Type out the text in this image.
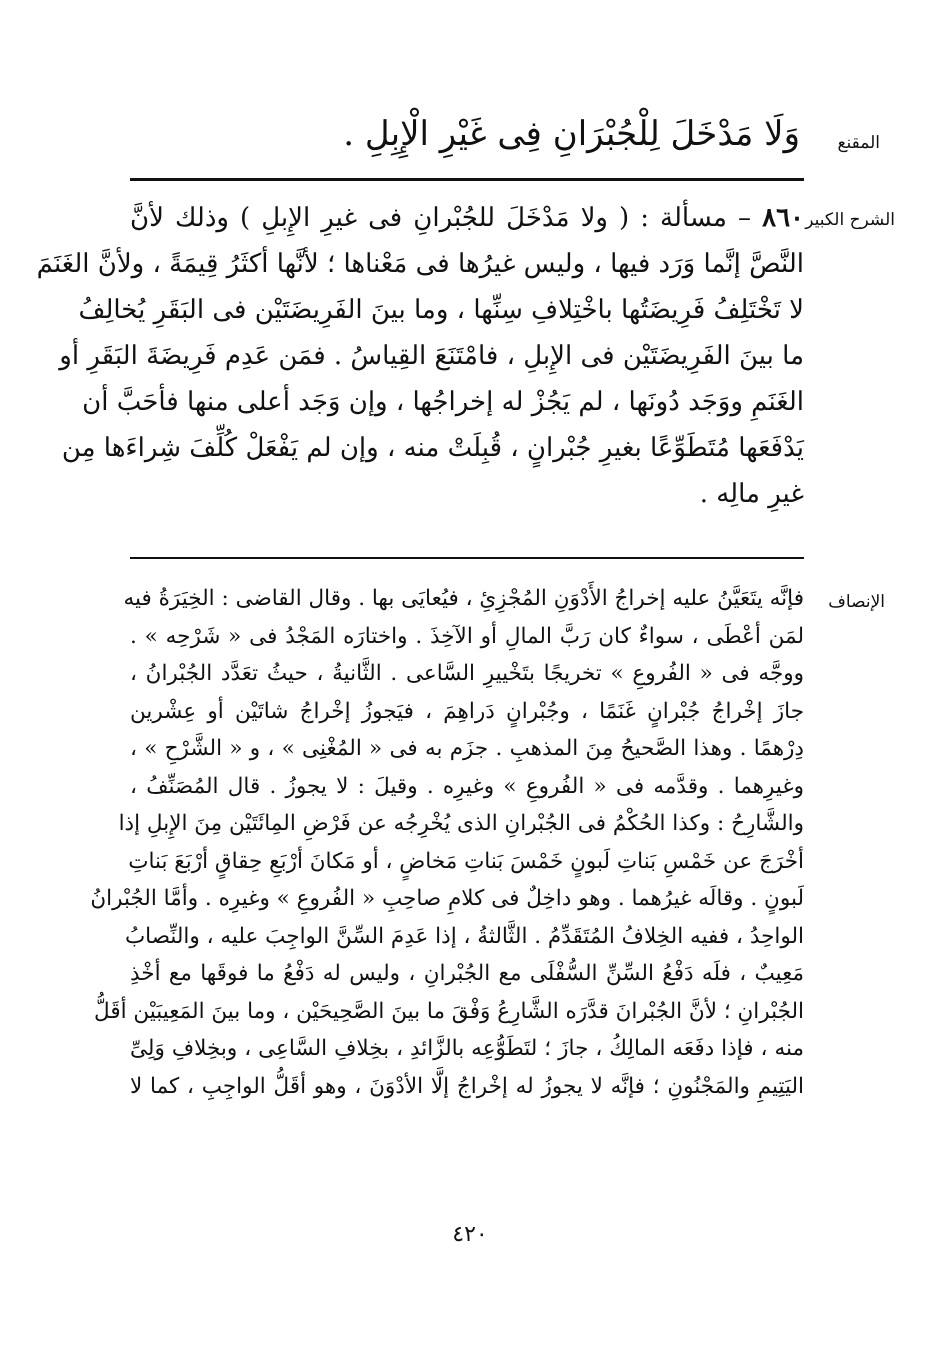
المقنع
الشرح الكبير
الإنصاف
وَلَا مَدْخَلَ لِلْجُبْرَانِ فِى غَيْرِ الْإِبِلِ .
٨٦٠ – مسألة : ( ولا مَدْخَلَ للجُبْرانِ فى غيرِ الإِبلِ ) وذلك لأنَّ
النَّصَّ إنَّما وَرَد فيها ، وليس غيرُها فى مَعْناها ؛ لأنَّها أكثَرُ قِيمَةً ، ولأنَّ الغَنَمَ
لا تَخْتَلِفُ فَرِيضَتُها باخْتِلافِ سِنِّها ، وما بينَ الفَرِيضَتَيْن فى البَقَرِ يُخالِفُ
ما بينَ الفَرِيضَتَيْن فى الإِبلِ ، فامْتَنَعَ القِياسُ . فمَن عَدِم فَرِيضَةَ البَقَرِ أو
الغَنَمِ ووَجَد دُونَها ، لم يَجُزْ له إخراجُها ، وإن وَجَد أعلى منها فأحَبَّ أن
يَدْفَعَها مُتَطَوِّعًا بغيرِ جُبْرانٍ ، قُبِلَتْ منه ، وإن لم يَفْعَلْ كُلِّفَ شِراءَها مِن
غيرِ مالِه .
فإنَّه يتَعَيَّنُ عليه إخراجُ الأَدْوَنِ المُجْزِئِ ، فيُعايَى بها . وقال القاضى : الخِيَرَةُ فيه
لمَن أعْطَى ، سواءٌ كان رَبَّ المالِ أو الآخِذَ . واختارَه المَجْدُ فى « شَرْحِه » .
ووجَّه فى « الفُروعِ » تخريجًا بتَخْييرِ السَّاعى . الثَّانيةُ ، حيثُ تعَدَّد الجُبْرانُ ،
جازَ إخْراجُ جُبْرانٍ غَنَمًا ، وجُبْرانٍ دَراهِمَ ، فيَجوزُ إخْراجُ شاتَيْن أو عِشْرين
دِرْهمًا . وهذا الصَّحيحُ مِنَ المذهبِ . جزَم به فى « المُغْنِى » ، و « الشَّرْحِ » ،
وغيرِهما . وقدَّمه فى « الفُروعِ » وغيرِه . وقيلَ : لا يجوزُ . قال المُصَنِّفُ ،
والشَّارِحُ : وكذا الحُكْمُ فى الجُبْرانِ الذى يُخْرِجُه عن فَرْضِ المِائَتَيْن مِنَ الإِبلِ إذا
أخْرَجَ عن خَمْسِ بَناتِ لَبونٍ خَمْسَ بَناتِ مَخاضٍ ، أو مَكانَ أرْبَعِ حِقاقٍ أرْبَعَ بَناتِ
لَبونٍ . وقالَه غيرُهما . وهو داخِلٌ فى كلامِ صاحِبِ « الفُروعِ » وغيرِه . وأمَّا الجُبْرانُ
الواحِدُ ، ففيه الخِلافُ المُتَقَدِّمُ . الثَّالثةُ ، إذا عَدِمَ السِّنَّ الواجِبَ عليه ، والنِّصابُ
مَعِيبٌ ، فلَه دَفْعُ السِّنِّ السُّفْلَى مع الجُبْرانِ ، وليس له دَفْعُ ما فوقَها مع أخْذِ
الجُبْرانِ ؛ لأنَّ الجُبْرانَ قدَّرَه الشَّارِعُ وَفْقَ ما بينَ الصَّحِيحَيْن ، وما بينَ المَعِيبَيْن أقَلُّ
منه ، فإذا دفَعَه المالِكُ ، جازَ ؛ لتَطَوُّعِه بالزَّائدِ ، بخِلافِ السَّاعِى ، وبخِلافِ وَلِىِّ
اليَتِيمِ والمَجْنُونِ ؛ فإنَّه لا يجوزُ له إخْراجُ إلَّا الأدْوَنَ ، وهو أقَلُّ الواجِبِ ، كما لا
٤٢٠
